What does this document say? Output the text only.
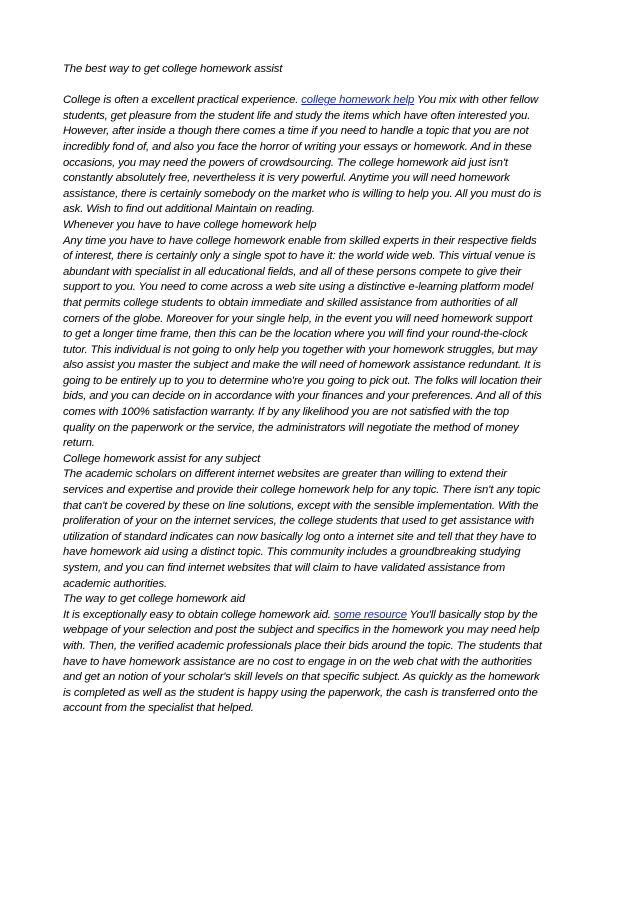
The best way to get college homework assist
College is often a excellent practical experience. college homework help You mix with other fellow
students, get pleasure from the student life and study the items which have often interested you.
However, after inside a though there comes a time if you need to handle a topic that you are not
incredibly fond of, and also you face the horror of writing your essays or homework. And in these
occasions, you may need the powers of crowdsourcing. The college homework aid just isn't
constantly absolutely free, nevertheless it is very powerful. Anytime you will need homework
assistance, there is certainly somebody on the market who is willing to help you. All you must do is
ask. Wish to find out additional Maintain on reading.
Whenever you have to have college homework help
Any time you have to have college homework enable from skilled experts in their respective fields
of interest, there is certainly only a single spot to have it: the world wide web. This virtual venue is
abundant with specialist in all educational fields, and all of these persons compete to give their
support to you. You need to come across a web site using a distinctive e-learning platform model
that permits college students to obtain immediate and skilled assistance from authorities of all
corners of the globe. Moreover for your single help, in the event you will need homework support
to get a longer time frame, then this can be the location where you will find your round-the-clock
tutor. This individual is not going to only help you together with your homework struggles, but may
also assist you master the subject and make the will need of homework assistance redundant. It is
going to be entirely up to you to determine who're you going to pick out. The folks will location their
bids, and you can decide on in accordance with your finances and your preferences. And all of this
comes with 100% satisfaction warranty. If by any likelihood you are not satisfied with the top
quality on the paperwork or the service, the administrators will negotiate the method of money
return.
College homework assist for any subject
The academic scholars on different internet websites are greater than willing to extend their
services and expertise and provide their college homework help for any topic. There isn't any topic
that can't be covered by these on line solutions, except with the sensible implementation. With the
proliferation of your on the internet services, the college students that used to get assistance with
utilization of standard indicates can now basically log onto a internet site and tell that they have to
have homework aid using a distinct topic. This community includes a groundbreaking studying
system, and you can find internet websites that will claim to have validated assistance from
academic authorities.
The way to get college homework aid
It is exceptionally easy to obtain college homework aid. some resource You'll basically stop by the
webpage of your selection and post the subject and specifics in the homework you may need help
with. Then, the verified academic professionals place their bids around the topic. The students that
have to have homework assistance are no cost to engage in on the web chat with the authorities
and get an notion of your scholar's skill levels on that specific subject. As quickly as the homework
is completed as well as the student is happy using the paperwork, the cash is transferred onto the
account from the specialist that helped.
